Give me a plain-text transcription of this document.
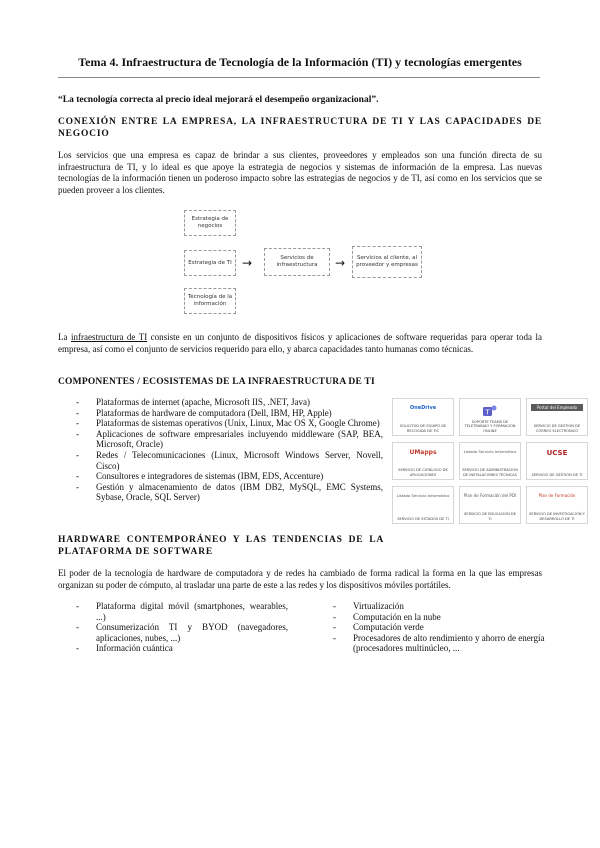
Tema 4. Infraestructura de Tecnología de la Información (TI) y tecnologías emergentes
“La tecnología correcta al precio ideal mejorará el desempeño organizacional”.
CONEXIÓN ENTRE LA EMPRESA, LA INFRAESTRUCTURA DE TI Y LAS CAPACIDADES DE NEGOCIO
Los servicios que una empresa es capaz de brindar a sus clientes, proveedores y empleados son una función directa de su infraestructura de TI, y lo ideal es que apoye la estrategia de negocios y sistemas de información de la empresa. Las nuevas tecnologías de la información tienen un poderoso impacto sobre las estrategias de negocios y de TI, así como en los servicios que se pueden proveer a los clientes.
Estrategia de negocios
Estrategia de TI
Tecnología de la información
→	Servicios de infraestructura	→	Servicios al cliente, al proveedor y empresas
La infraestructura de TI consiste en un conjunto de dispositivos físicos y aplicaciones de software requeridas para operar toda la empresa, así como el conjunto de servicios requerido para ello, y abarca capacidades tanto humanas como técnicas.
COMPONENTES / ECOSISTEMAS DE LA INFRAESTRUCTURA DE TI
- Plataformas de internet (apache, Microsoft IIS, .NET, Java)
- Plataformas de hardware de computadora (Dell, IBM, HP, Apple)
- Plataformas de sistemas operativos (Unix, Linux, Mac OS X, Google Chrome)
- Aplicaciones de software empresariales incluyendo middleware (SAP, BEA, Microsoft, Oracle)
- Redes / Telecomunicaciones (Linux, Microsoft Windows Server, Novell, Cisco)
- Consultores e integradores de sistemas (IBM, EDS, Accenture)
- Gestión y almacenamiento de datos (IBM DB2, MySQL, EMC Systems, Sybase, Oracle, SQL Server)
OneDrive
SOLICITUD DE EQUIPO DE RECOGIDA DE TIC
T
SOPORTE TEAMS DE TELETRABAJO Y FORMACIÓN ONLINE
Portal del Empleado
SERVICIO DE GESTIÓN DE CORREO ELECTRÓNICO
UMapps
SERVICIO DE CATÁLOGO DE APLICACIONES
Listado Servicio Informático
SERVICIO DE ADMINISTRACIÓN DE INSTALACIONES TÉCNICAS
UCSE
SERVICIO DE GESTIÓN DE TI
Listado Servicio Informático
SERVICIO DE ESTADOS DE TI
Plan de Formación del PDI
SERVICIO DE EDUCACIÓN DE TI
Plan de Formación
SERVICIO DE INVESTIGACIÓN Y DESARROLLO DE TI
HARDWARE CONTEMPORÁNEO Y LAS TENDENCIAS DE LA PLATAFORMA DE SOFTWARE
El poder de la tecnología de hardware de computadora y de redes ha cambiado de forma radical la forma en la que las empresas organizan su poder de cómputo, al trasladar una parte de este a las redes y los dispositivos móviles portátiles.
- Plataforma digital móvil (smartphones, wearables, ...)
- Consumerización TI y BYOD (navegadores, aplicaciones, nubes, ...)
- Información cuántica
- Virtualización
- Computación en la nube
- Computación verde
- Procesadores de alto rendimiento y ahorro de energía (procesadores multinúcleo, ...
